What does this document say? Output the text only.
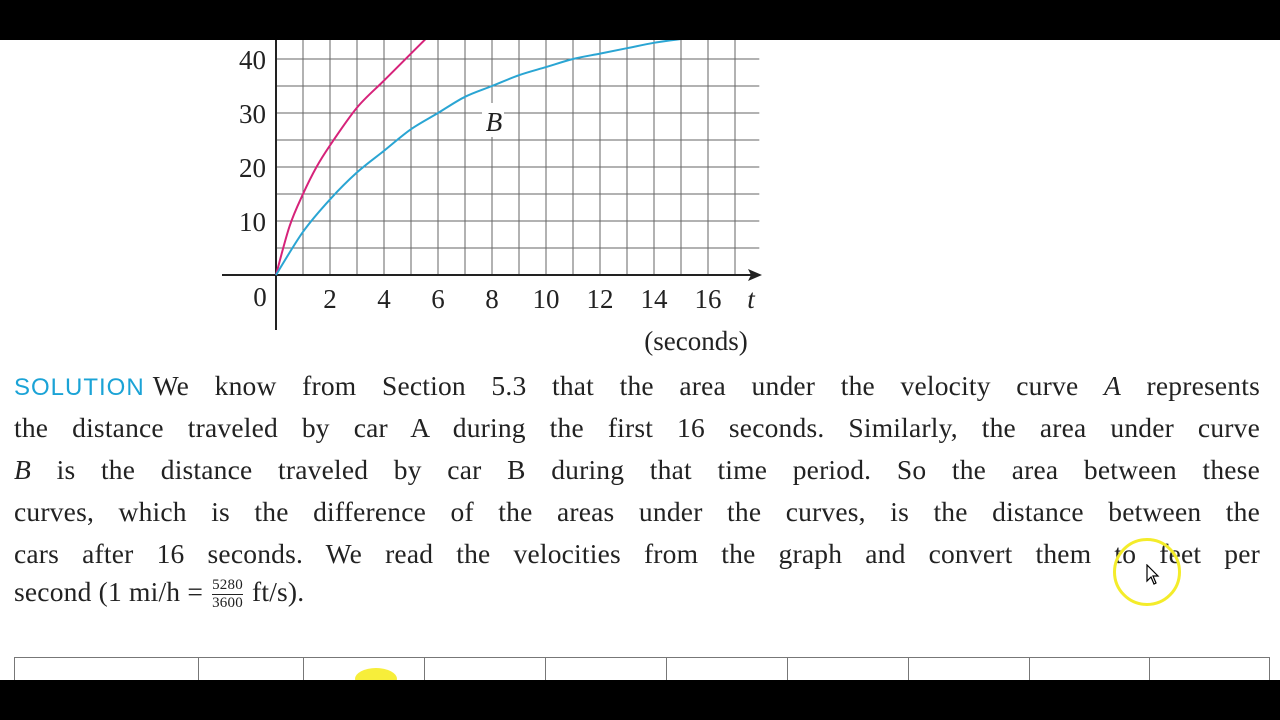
2 4 6 8 10 12 14 16
10
20
30
40
0	t
(seconds)
B
SOLUTION We know from Section 5.3 that the area under the velocity curve A represents
the distance traveled by car A during the first 16 seconds. Similarly, the area under curve
B is the distance traveled by car B during that time period. So the area between these
curves, which is the difference of the areas under the curves, is the distance between the
cars after 16 seconds. We read the velocities from the graph and convert them to feet per
second (1 $mi/h = \frac{5280}{3600} ft/s$).
